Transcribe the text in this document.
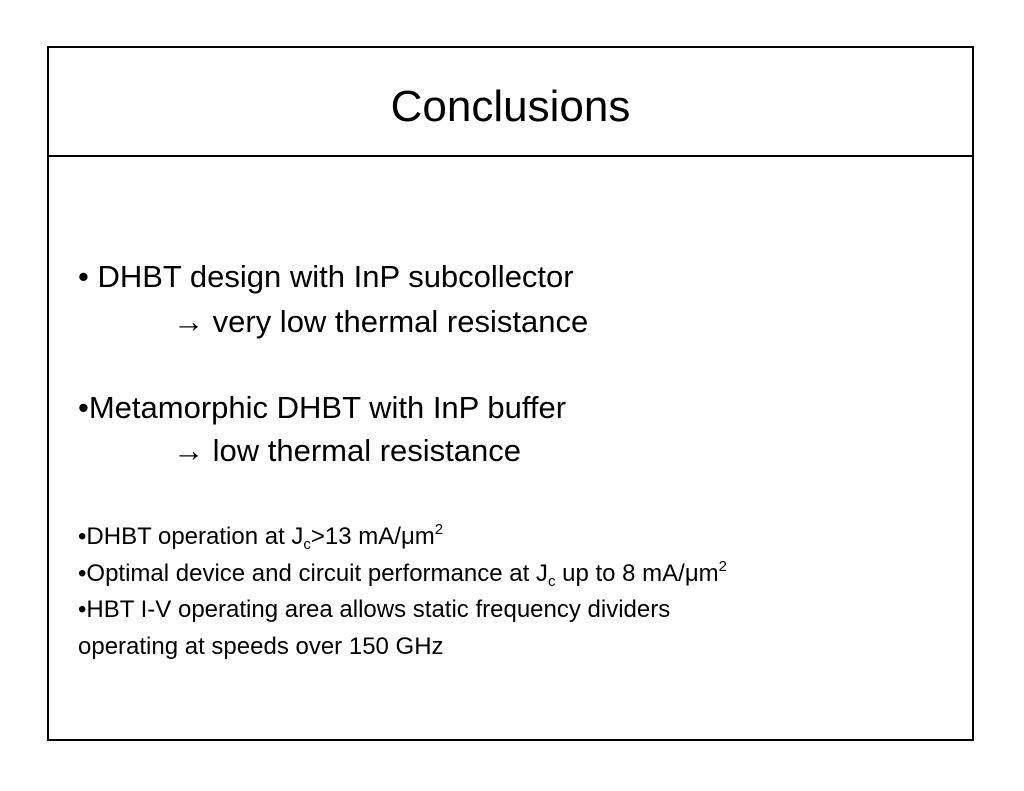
Conclusions
• DHBT design with InP subcollector
→ very low thermal resistance
•Metamorphic DHBT with InP buffer
→ low thermal resistance
•DHBT operation at $J_c>13$ $mA/\mu m^2$
•Optimal device and circuit performance at $J_c$ up to 8 $mA/\mu m^2$
•HBT I-V operating area allows static frequency dividers
operating at speeds over 150 GHz
